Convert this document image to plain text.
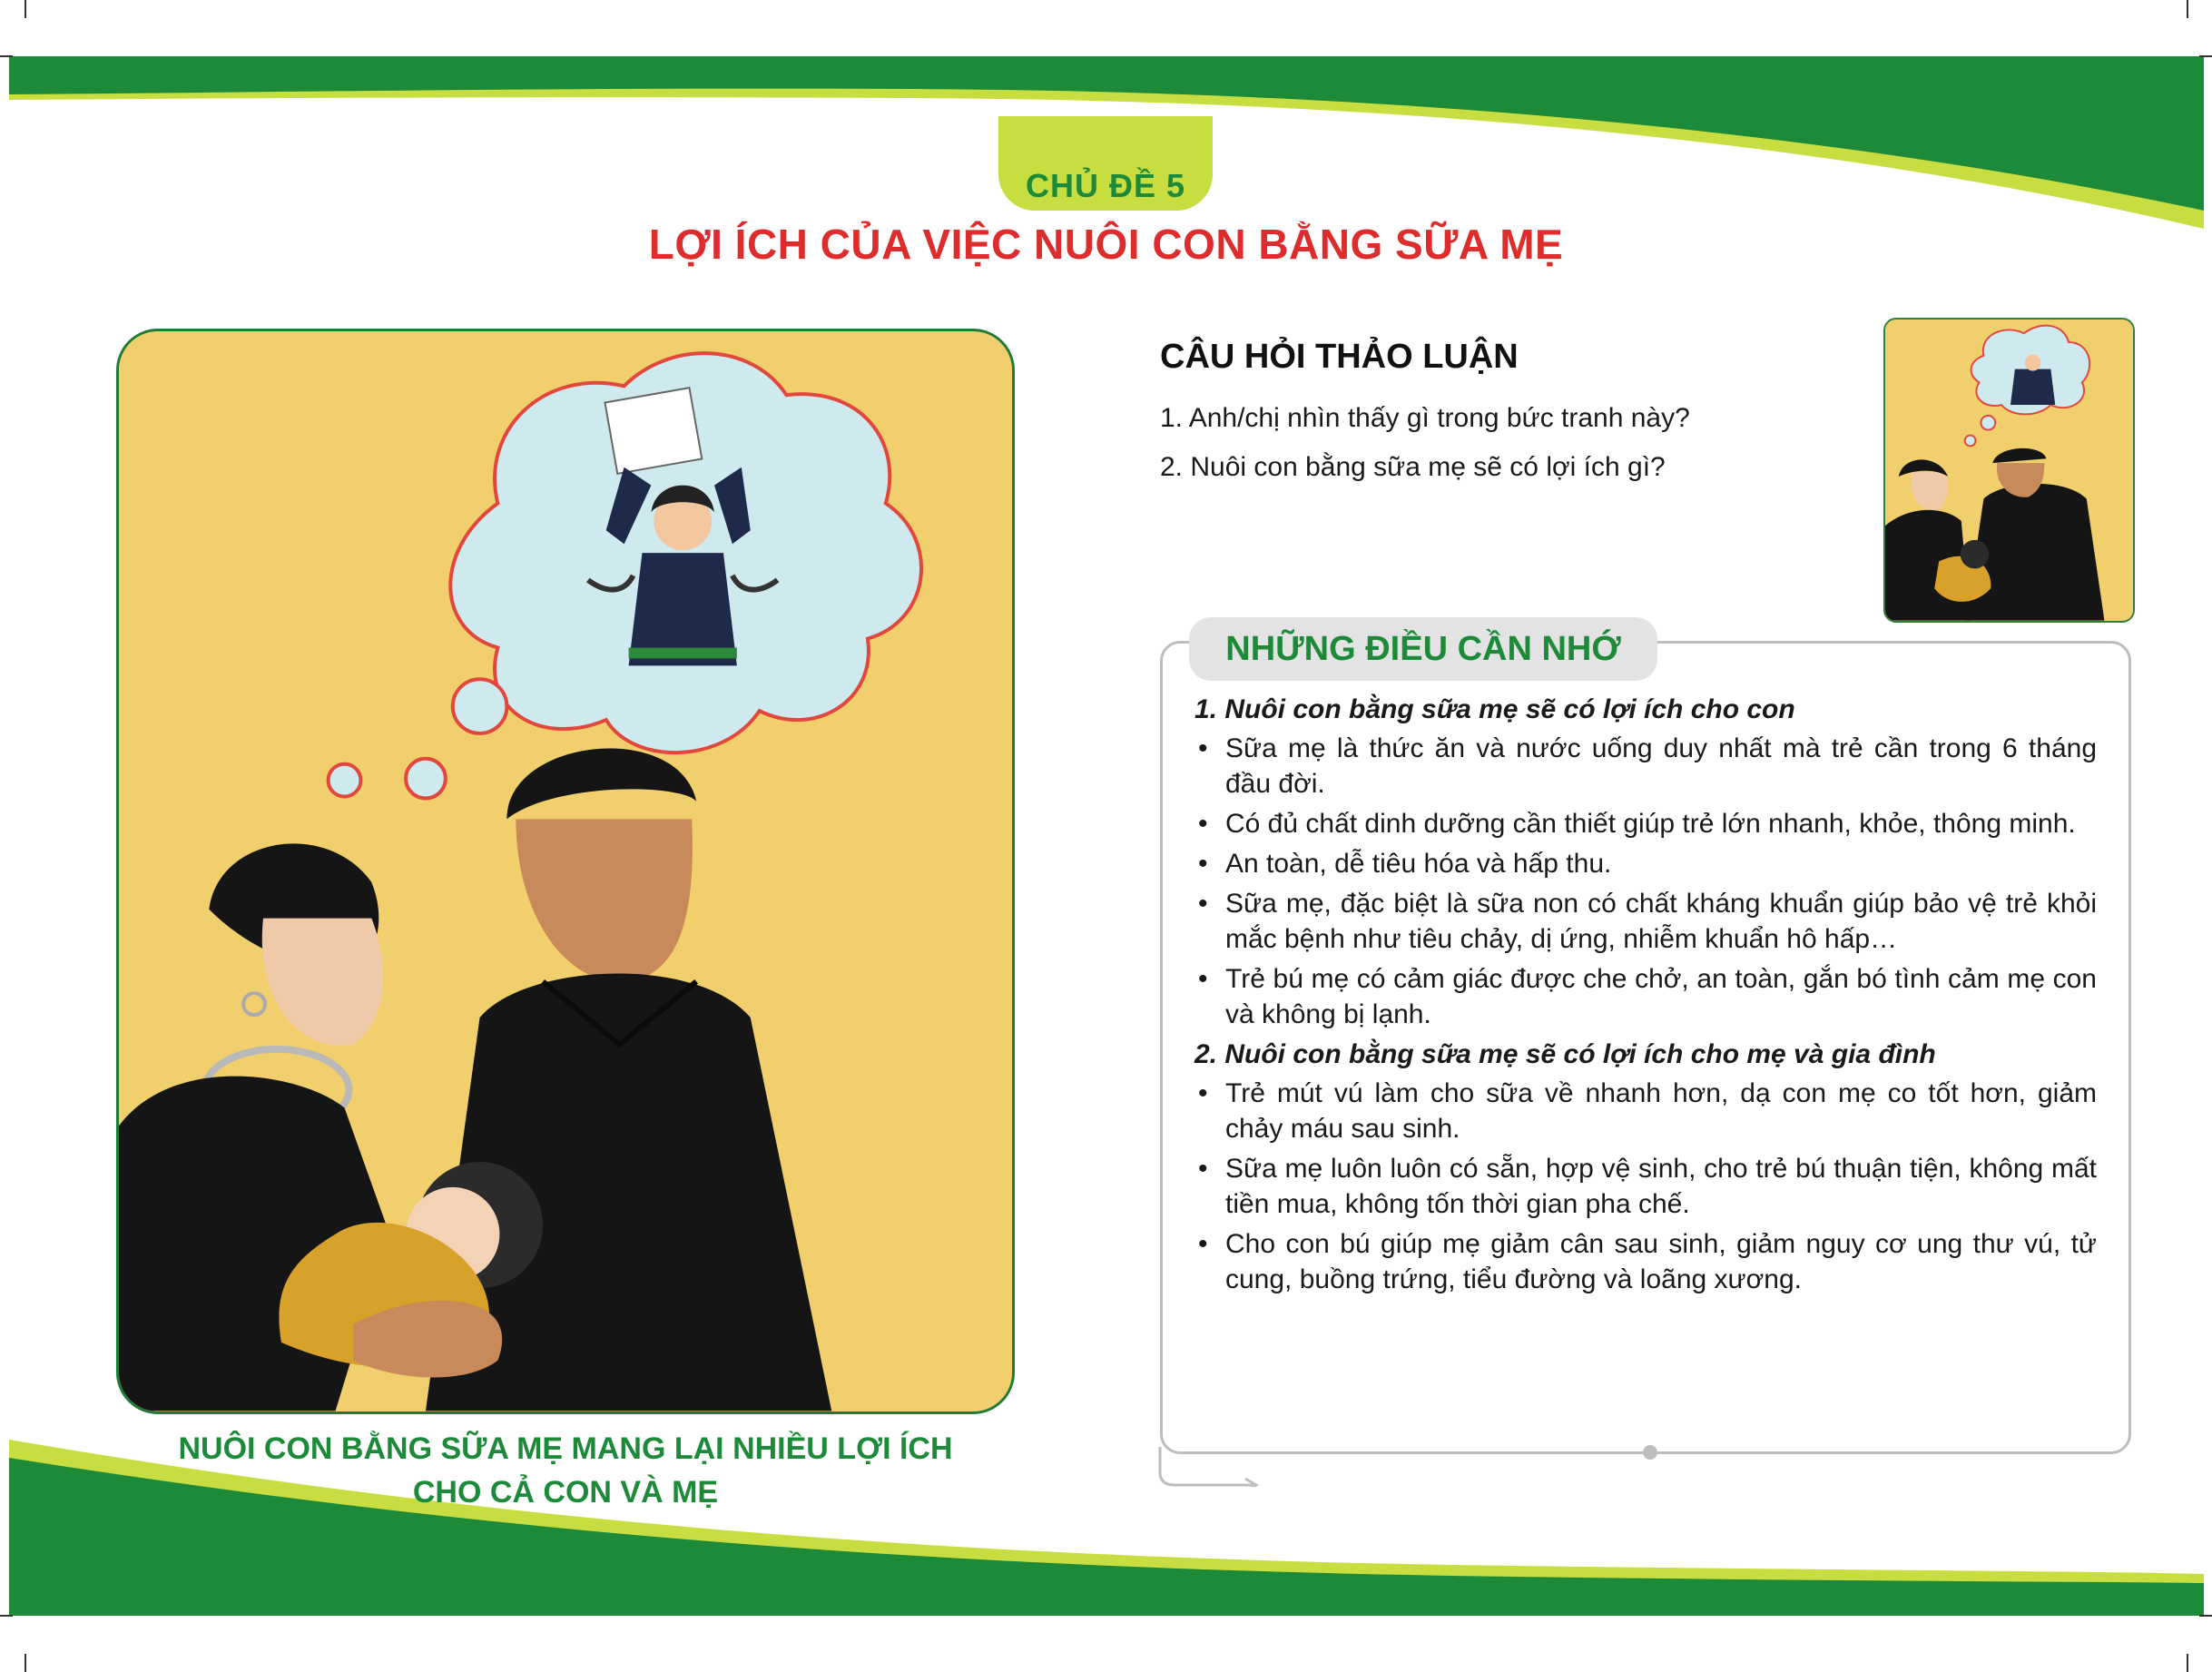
CHỦ ĐỀ 5
LỢI ÍCH CỦA VIỆC NUÔI CON BẰNG SỮA MẸ
NUÔI CON BẰNG SỮA MẸ MANG LẠI NHIỀU LỢI ÍCH
CHO CẢ CON VÀ MẸ
CÂU HỎI THẢO LUẬN
1. Anh/chị nhìn thấy gì trong bức tranh này?
2. Nuôi con bằng sữa mẹ sẽ có lợi ích gì?
NHỮNG ĐIỀU CẦN NHỚ
1. Nuôi con bằng sữa mẹ sẽ có lợi ích cho con
• Sữa mẹ là thức ăn và nước uống duy nhất mà trẻ cần trong 6 tháng đầu đời.
• Có đủ chất dinh dưỡng cần thiết giúp trẻ lớn nhanh, khỏe, thông minh.
• An toàn, dễ tiêu hóa và hấp thu.
• Sữa mẹ, đặc biệt là sữa non có chất kháng khuẩn giúp bảo vệ trẻ khỏi mắc bệnh như tiêu chảy, dị ứng, nhiễm khuẩn hô hấp…
• Trẻ bú mẹ có cảm giác được che chở, an toàn, gắn bó tình cảm mẹ con và không bị lạnh.
2. Nuôi con bằng sữa mẹ sẽ có lợi ích cho mẹ và gia đình
• Trẻ mút vú làm cho sữa về nhanh hơn, dạ con mẹ co tốt hơn, giảm chảy máu sau sinh.
• Sữa mẹ luôn luôn có sẵn, hợp vệ sinh, cho trẻ bú thuận tiện, không mất tiền mua, không tốn thời gian pha chế.
• Cho con bú giúp mẹ giảm cân sau sinh, giảm nguy cơ ung thư vú, tử cung, buồng trứng, tiểu đường và loãng xương.
